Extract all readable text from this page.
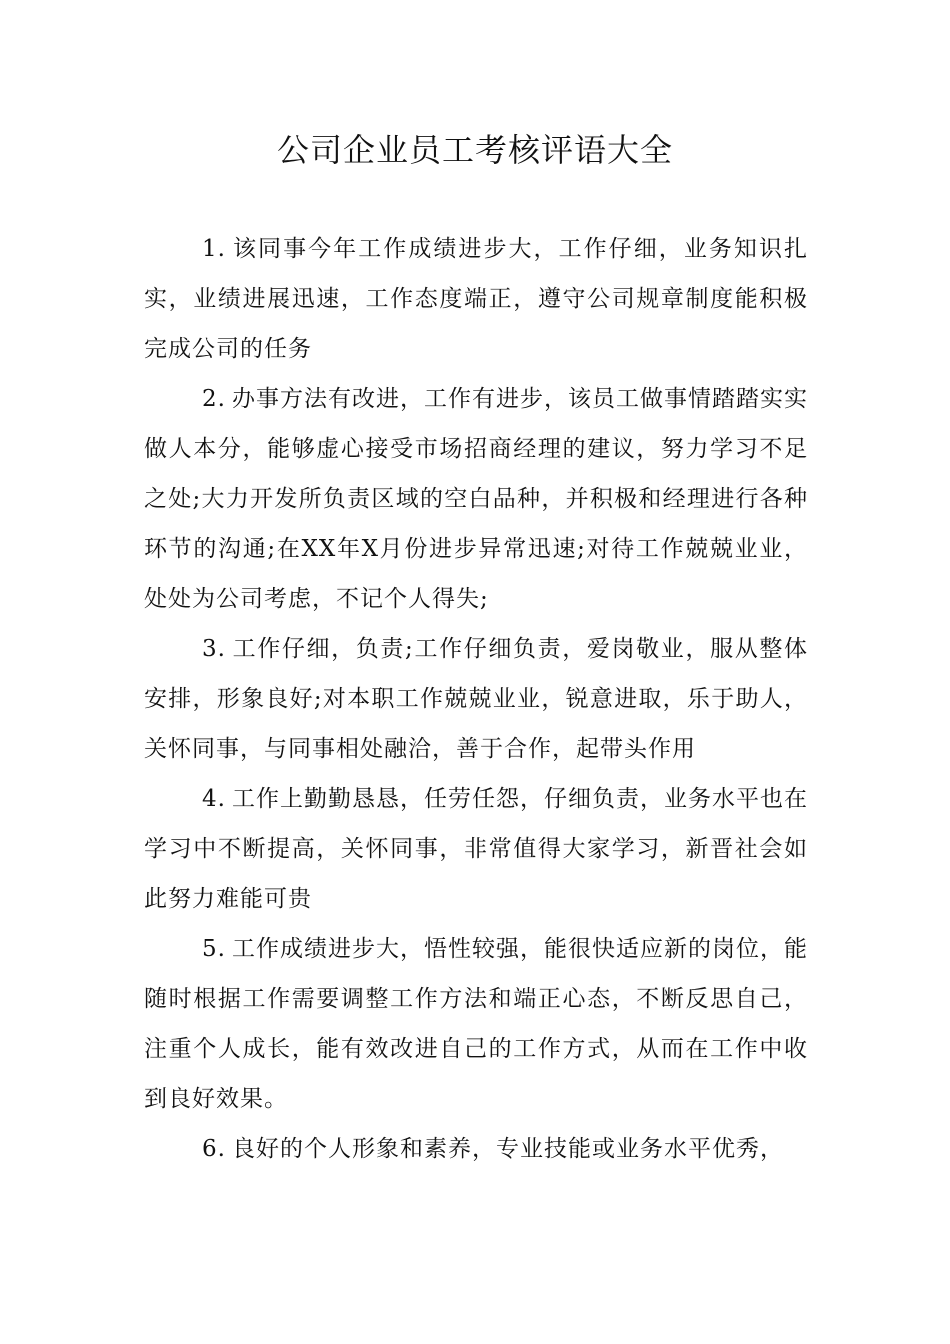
公司企业员工考核评语大全

1. 该同事今年工作成绩进步大，工作仔细，业务知识扎实，业绩进展迅速，工作态度端正，遵守公司规章制度能积极完成公司的任务

2. 办事方法有改进，工作有进步，该员工做事情踏踏实实做人本分，能够虚心接受市场招商经理的建议，努力学习不足之处;大力开发所负责区域的空白品种，并积极和经理进行各种环节的沟通;在XX年X月份进步异常迅速;对待工作兢兢业业，处处为公司考虑，不记个人得失;

3. 工作仔细，负责;工作仔细负责，爱岗敬业，服从整体安排，形象良好;对本职工作兢兢业业，锐意进取，乐于助人，关怀同事，与同事相处融洽，善于合作，起带头作用

4. 工作上勤勤恳恳，任劳任怨，仔细负责，业务水平也在学习中不断提高，关怀同事，非常值得大家学习，新晋社会如此努力难能可贵

5. 工作成绩进步大，悟性较强，能很快适应新的岗位，能随时根据工作需要调整工作方法和端正心态，不断反思自己，注重个人成长，能有效改进自己的工作方式，从而在工作中收到良好效果。

6. 良好的个人形象和素养，专业技能或业务水平优秀，
